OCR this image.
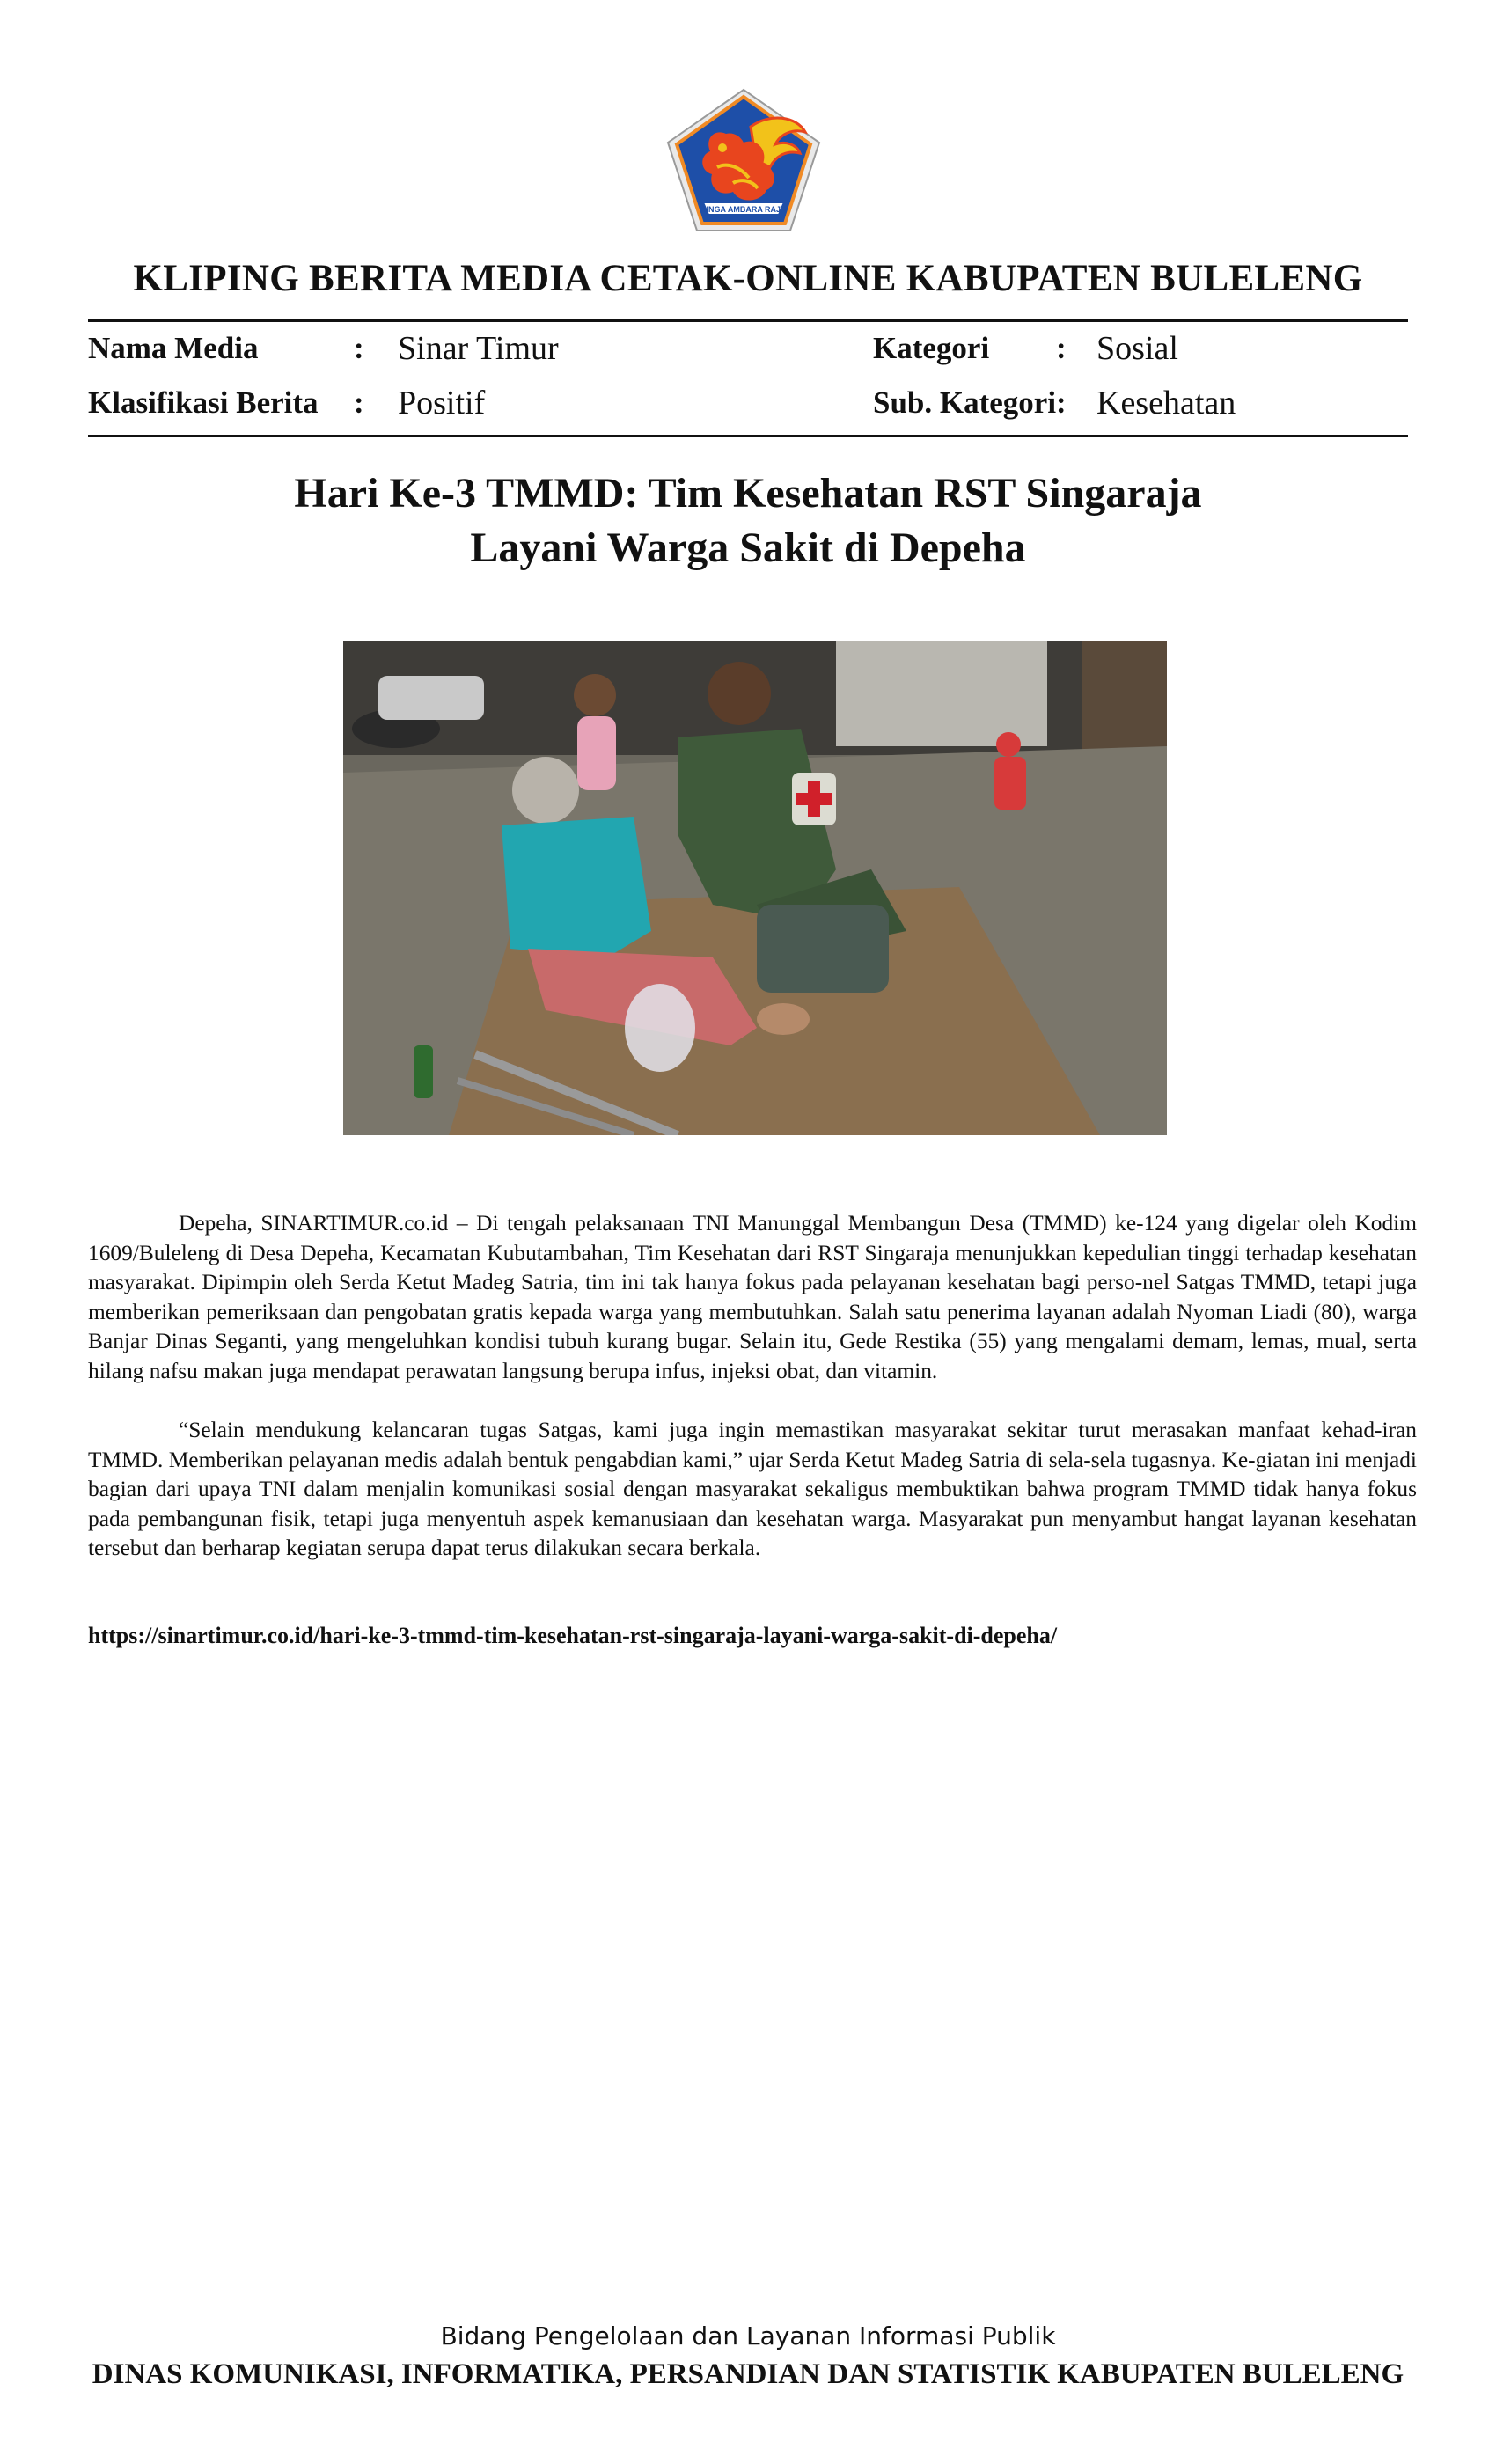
SINGA AMBARA RAJA
KLIPING BERITA MEDIA CETAK-ONLINE KABUPATEN BULELENG
Nama Media	: Sinar Timur
Klasifikasi Berita : Positif
Kategori : Sosial
Sub. Kategori : Kesehatan
Hari Ke-3 TMMD: Tim Kesehatan RST Singaraja
Layani Warga Sakit di Depeha

Depeha, SINARTIMUR.co.id – Di tengah pelaksanaan TNI Manunggal Membangun Desa (TMMD) ke-124 yang digelar oleh Kodim 1609/Buleleng di Desa Depeha, Kecamatan Kubutambahan, Tim Kesehatan dari RST Singaraja menunjukkan kepedulian tinggi terhadap kesehatan masyarakat. Dipimpin oleh Serda Ketut Madeg Satria, tim ini tak hanya fokus pada pelayanan kesehatan bagi perso-nel Satgas TMMD, tetapi juga memberikan pemeriksaan dan pengobatan gratis kepada warga yang membutuhkan. Salah satu penerima layanan adalah Nyoman Liadi (80), warga Banjar Dinas Seganti, yang mengeluhkan kondisi tubuh kurang bugar. Selain itu, Gede Restika (55) yang mengalami demam, lemas, mual, serta hilang nafsu makan juga mendapat perawatan langsung berupa infus, injeksi obat, dan vitamin.

“Selain mendukung kelancaran tugas Satgas, kami juga ingin memastikan masyarakat sekitar turut merasakan manfaat kehad-iran TMMD. Memberikan pelayanan medis adalah bentuk pengabdian kami,” ujar Serda Ketut Madeg Satria di sela-sela tugasnya. Ke-giatan ini menjadi bagian dari upaya TNI dalam menjalin komunikasi sosial dengan masyarakat sekaligus membuktikan bahwa program TMMD tidak hanya fokus pada pembangunan fisik, tetapi juga menyentuh aspek kemanusiaan dan kesehatan warga. Masyarakat pun menyambut hangat layanan kesehatan tersebut dan berharap kegiatan serupa dapat terus dilakukan secara berkala.

https://sinartimur.co.id/hari-ke-3-tmmd-tim-kesehatan-rst-singaraja-layani-warga-sakit-di-depeha/
Bidang Pengelolaan dan Layanan Informasi Publik
DINAS KOMUNIKASI, INFORMATIKA, PERSANDIAN DAN STATISTIK KABUPATEN BULELENG
